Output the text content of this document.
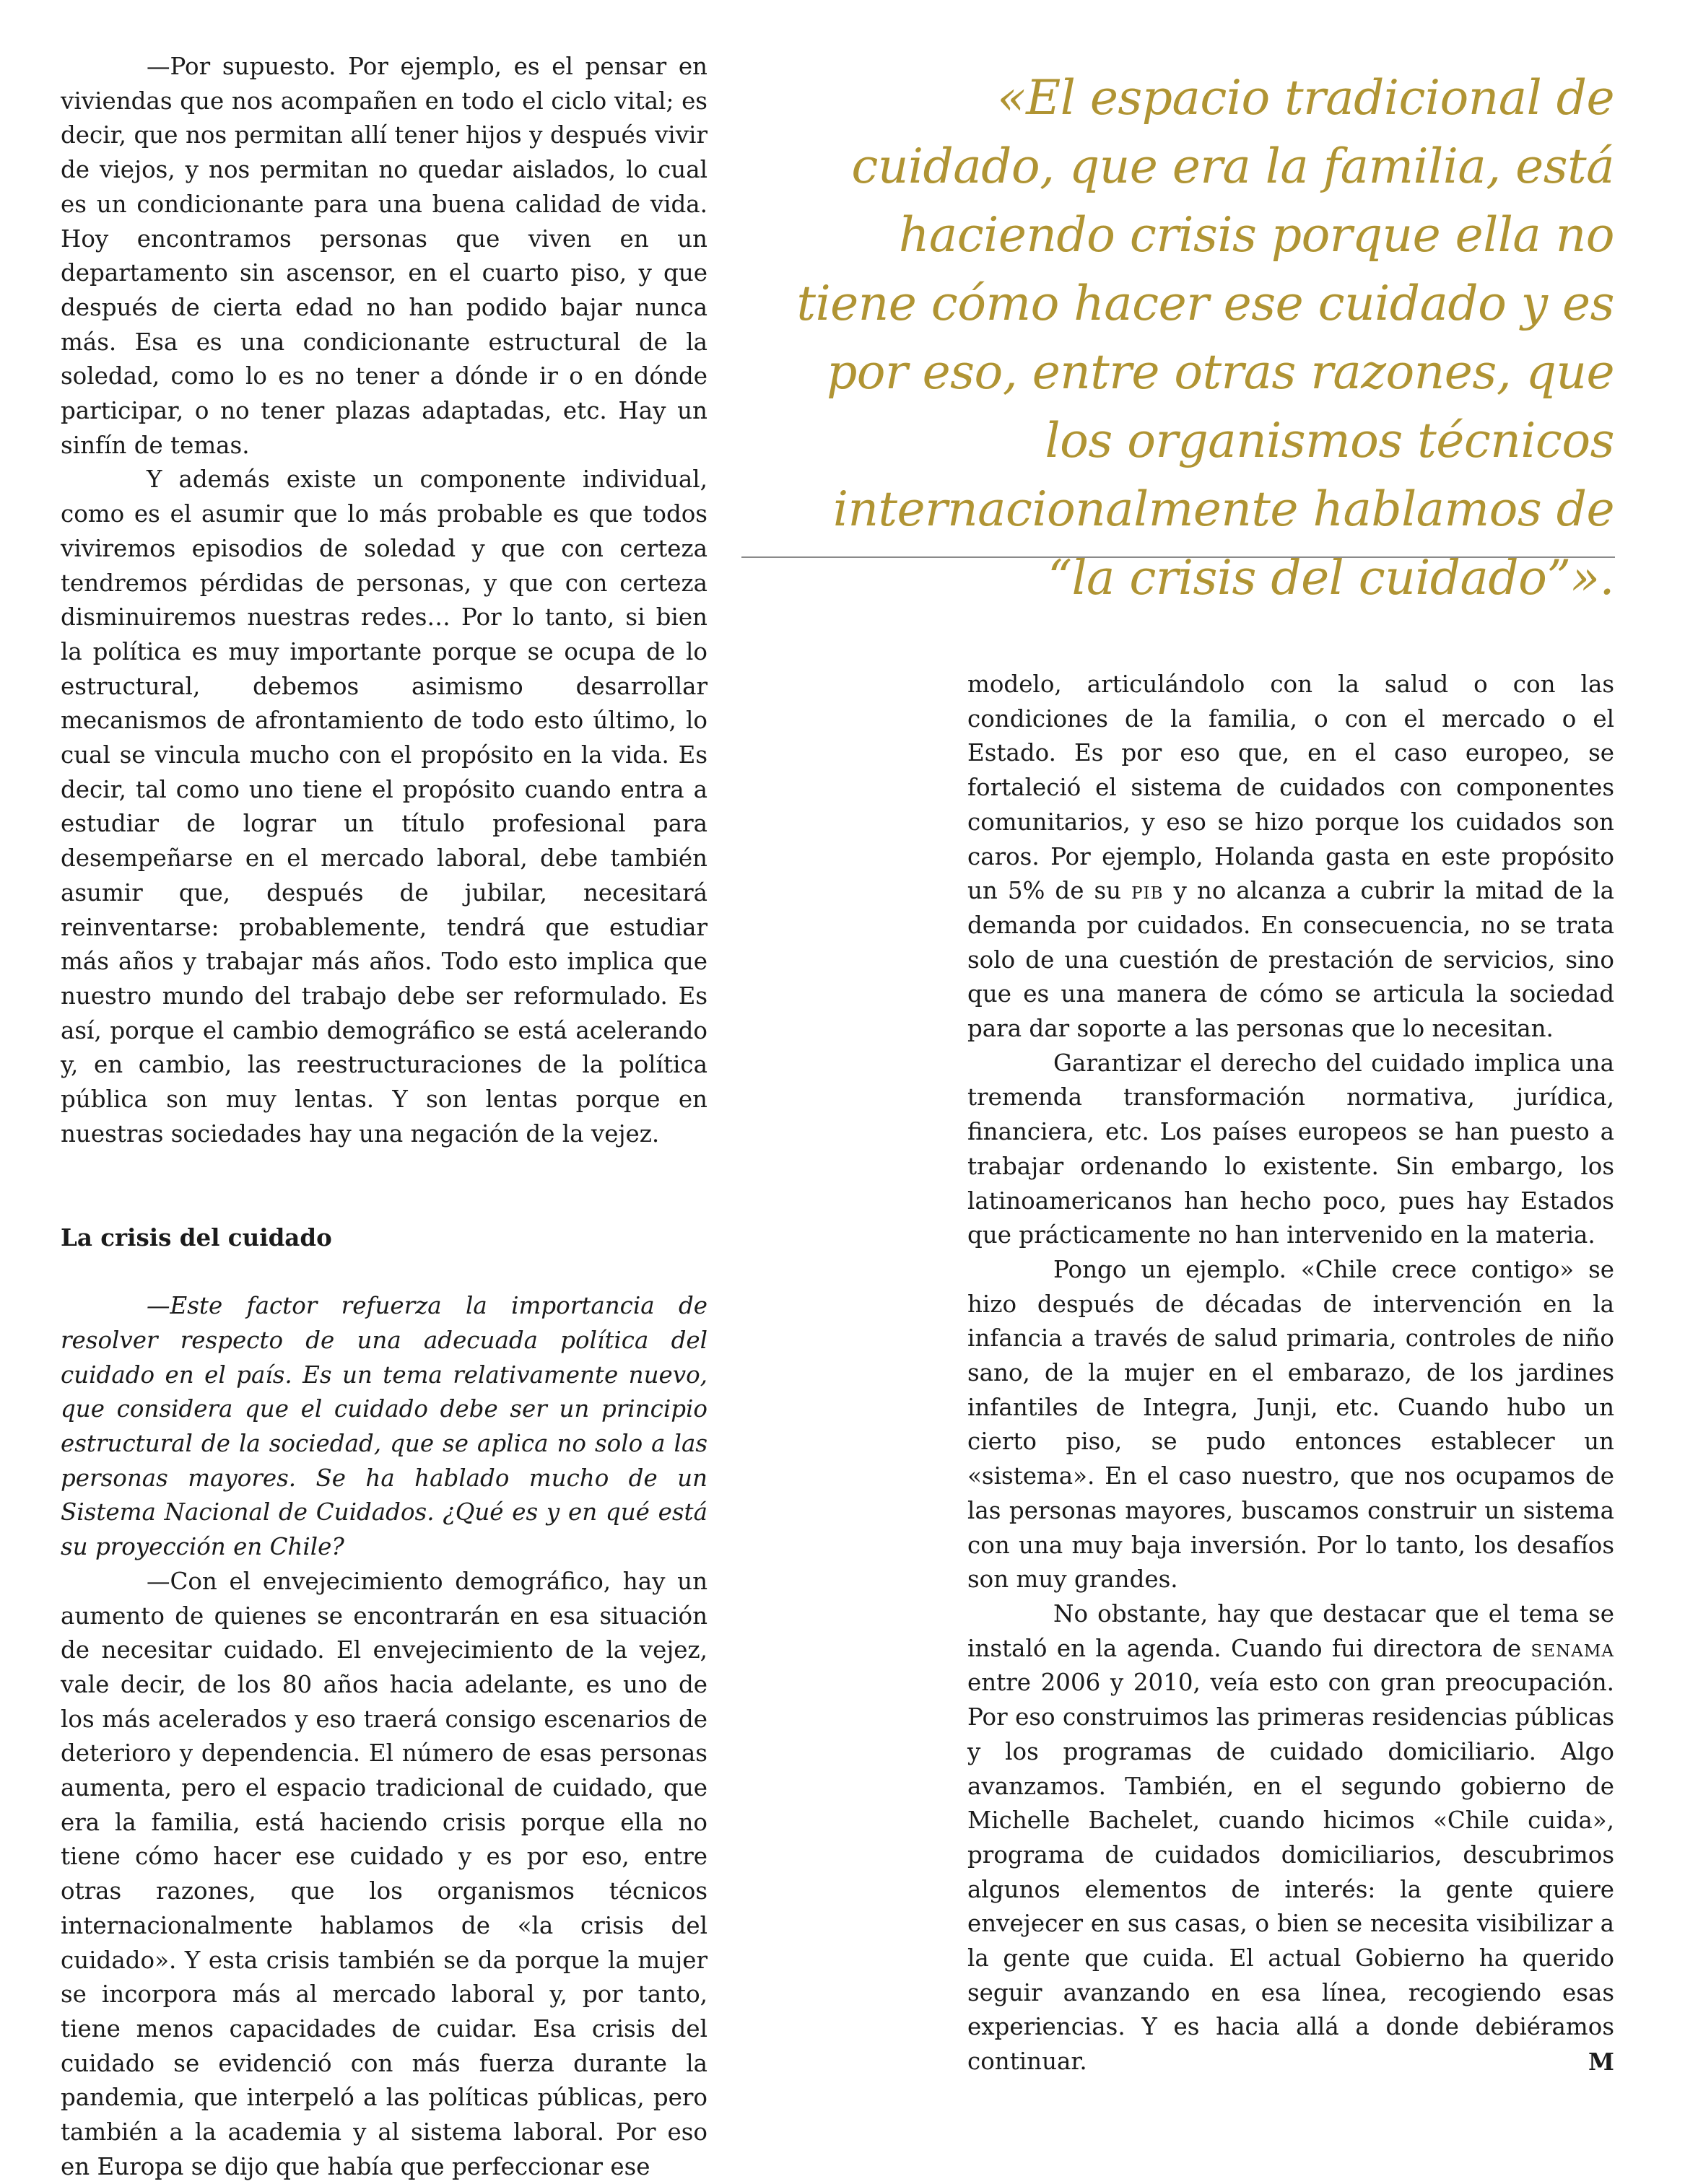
—Por supuesto. Por ejemplo, es el pensar en viviendas que nos acompañen en todo el ciclo vital; es decir, que nos permitan allí tener hijos y después vivir de viejos, y nos permitan no quedar aislados, lo cual es un condicionante para una buena calidad de vida. Hoy encontramos personas que viven en un departamento sin ascensor, en el cuarto piso, y que después de cierta edad no han podido bajar nunca más. Esa es una condicionante estructural de la soledad, como lo es no tener a dónde ir o en dónde participar, o no tener plazas adaptadas, etc. Hay un sinfín de temas.

Y además existe un componente individual, como es el asumir que lo más probable es que todos viviremos episodios de soledad y que con certeza tendremos pérdidas de personas, y que con certeza disminuiremos nuestras redes… Por lo tanto, si bien la política es muy importante porque se ocupa de lo estructural, debemos asimismo desarrollar mecanismos de afrontamiento de todo esto último, lo cual se vincula mucho con el propósito en la vida. Es decir, tal como uno tiene el propósito cuando entra a estudiar de lograr un título profesional para desempeñarse en el mercado laboral, debe también asumir que, después de jubilar, necesitará reinventarse: probablemente, tendrá que estudiar más años y trabajar más años. Todo esto implica que nuestro mundo del trabajo debe ser reformulado. Es así, porque el cambio demográfico se está acelerando y, en cambio, las reestructuraciones de la política pública son muy lentas. Y son lentas porque en nuestras sociedades hay una negación de la vejez.

La crisis del cuidado

—Este factor refuerza la importancia de resolver respecto de una adecuada política del cuidado en el país. Es un tema relativamente nuevo, que considera que el cuidado debe ser un principio estructural de la sociedad, que se aplica no solo a las personas mayores. Se ha hablado mucho de un Sistema Nacional de Cuidados. ¿Qué es y en qué está su proyección en Chile?

—Con el envejecimiento demográfico, hay un aumento de quienes se encontrarán en esa situación de necesitar cuidado. El envejecimiento de la vejez, vale decir, de los 80 años hacia adelante, es uno de los más acelerados y eso traerá consigo escenarios de deterioro y dependencia. El número de esas personas aumenta, pero el espacio tradicional de cuidado, que era la familia, está haciendo crisis porque ella no tiene cómo hacer ese cuidado y es por eso, entre otras razones, que los organismos técnicos internacionalmente hablamos de «la crisis del cuidado». Y esta crisis también se da porque la mujer se incorpora más al mercado laboral y, por tanto, tiene menos capacidades de cuidar. Esa crisis del cuidado se evidenció con más fuerza durante la pandemia, que interpeló a las políticas públicas, pero también a la academia y al sistema laboral. Por eso en Europa se dijo que había que perfeccionar ese

«El espacio tradicional de cuidado, que era la familia, está haciendo crisis porque ella no tiene cómo hacer ese cuidado y es por eso, entre otras razones, que los organismos técnicos internacionalmente hablamos de “la crisis del cuidado”».

modelo, articulándolo con la salud o con las condiciones de la familia, o con el mercado o el Estado. Es por eso que, en el caso europeo, se fortaleció el sistema de cuidados con componentes comunitarios, y eso se hizo porque los cuidados son caros. Por ejemplo, Holanda gasta en este propósito un 5% de su pib y no alcanza a cubrir la mitad de la demanda por cuidados. En consecuencia, no se trata solo de una cuestión de prestación de servicios, sino que es una manera de cómo se articula la sociedad para dar soporte a las personas que lo necesitan.

Garantizar el derecho del cuidado implica una tremenda transformación normativa, jurídica, financiera, etc. Los países europeos se han puesto a trabajar ordenando lo existente. Sin embargo, los latinoamericanos han hecho poco, pues hay Estados que prácticamente no han intervenido en la materia.

Pongo un ejemplo. «Chile crece contigo» se hizo después de décadas de intervención en la infancia a través de salud primaria, controles de niño sano, de la mujer en el embarazo, de los jardines infantiles de Integra, Junji, etc. Cuando hubo un cierto piso, se pudo entonces establecer un «sistema». En el caso nuestro, que nos ocupamos de las personas mayores, buscamos construir un sistema con una muy baja inversión. Por lo tanto, los desafíos son muy grandes.

No obstante, hay que destacar que el tema se instaló en la agenda. Cuando fui directora de senama entre 2006 y 2010, veía esto con gran preocupación. Por eso construimos las primeras residencias públicas y los programas de cuidado domiciliario. Algo avanzamos. También, en el segundo gobierno de Michelle Bachelet, cuando hicimos «Chile cuida», programa de cuidados domiciliarios, descubrimos algunos elementos de interés: la gente quiere envejecer en sus casas, o bien se necesita visibilizar a la gente que cuida. El actual Gobierno ha querido seguir avanzando en esa línea, recogiendo esas experiencias. Y es hacia allá a donde debiéramos continuar.	M
